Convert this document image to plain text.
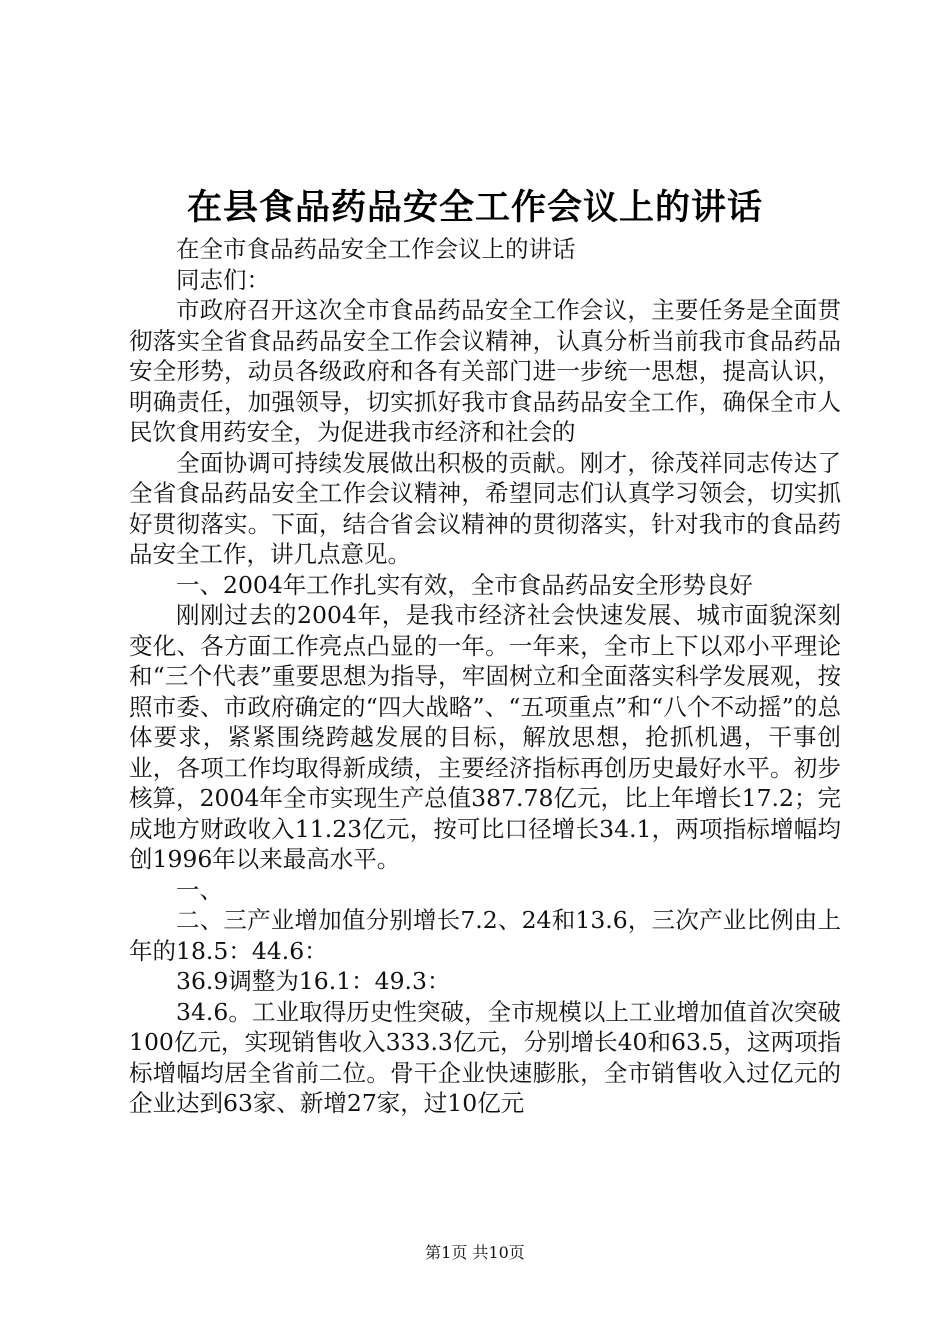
在县食品药品安全工作会议上的讲话

在全市食品药品安全工作会议上的讲话

同志们：

市政府召开这次全市食品药品安全工作会议，主要任务是全面贯彻落实全省食品药品安全工作会议精神，认真分析当前我市食品药品安全形势，动员各级政府和各有关部门进一步统一思想，提高认识，明确责任，加强领导，切实抓好我市食品药品安全工作，确保全市人民饮食用药安全，为促进我市经济和社会的

全面协调可持续发展做出积极的贡献。刚才，徐茂祥同志传达了全省食品药品安全工作会议精神，希望同志们认真学习领会，切实抓好贯彻落实。下面，结合省会议精神的贯彻落实，针对我市的食品药品安全工作，讲几点意见。

一、2004年工作扎实有效，全市食品药品安全形势良好

刚刚过去的2004年，是我市经济社会快速发展、城市面貌深刻变化、各方面工作亮点凸显的一年。一年来，全市上下以邓小平理论和“三个代表”重要思想为指导，牢固树立和全面落实科学发展观，按照市委、市政府确定的“四大战略”、“五项重点”和“八个不动摇”的总体要求，紧紧围绕跨越发展的目标，解放思想，抢抓机遇，干事创业，各项工作均取得新成绩，主要经济指标再创历史最好水平。初步核算，2004年全市实现生产总值387.78亿元，比上年增长17.2；完成地方财政收入11.23亿元，按可比口径增长34.1，两项指标增幅均创1996年以来最高水平。

一、

二、三产业增加值分别增长7.2、24和13.6，三次产业比例由上年的18.5：44.6：

36.9调整为16.1：49.3：

34.6。工业取得历史性突破，全市规模以上工业增加值首次突破100亿元，实现销售收入333.3亿元，分别增长40和63.5，这两项指标增幅均居全省前二位。骨干企业快速膨胀，全市销售收入过亿元的企业达到63家、新增27家，过10亿元

第1页 共10页
